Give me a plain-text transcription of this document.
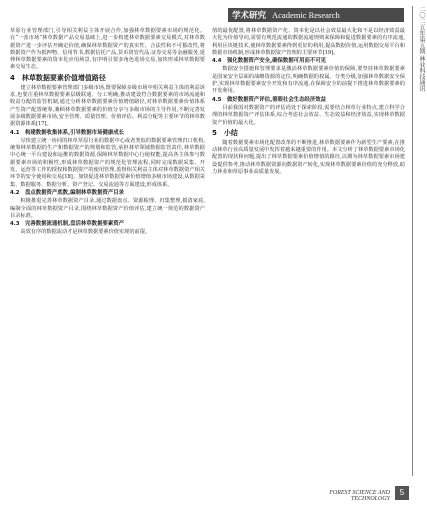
学术研究 Academic Research	二〇二五年第五期 林业科技通讯

草原行业管理部门,引导相关利益主体开展合作,加强林草数据要素市场的规范化。在“一张市场”林草数据产品交易基础上,进一步构建林草数据要素交易模式,对林草数据资产进一步评估开确定价值,确保林草数据资产的真实性、合法性和不可篡改性,将数据资产作为抵押物、信用背书,数据信托产品,货币资管代品,证券交易等金融服务,延伸林草数据要素的资本化应用场景,有序明引要多角色进场交易,加快形成林草数据要素交易生态。

4　林草数据要素价值增值路径

建立林草数据要素管理部门多级市场,既要保障多级市场中相关利益主体的利益诉求,也要注重林草数据要素层级联通、分工明确,推动建设符合数据要素的市场流通和收益分配的监管机制,通过分析林草数据要素价值增值路径,对林草数据要素价值体系产生资产配置统筹,兼顾林草数据要素的价值分享与多级市场的主导作用,不断完善发展多级数据要素市场,安全管理、质量管理、价值评估、利益分配等主要环节的林草数据资源体系[17]。

4.1　构建数据收集体系,引导数据市场健康成长

尽快建立统一协同的林草草原行业的数据中心或者类似的数据要素管理归口机构,统筹林草数据的生产和数据资产的规划和监管,承担林草领域数据监管责任,林草数据中心统一平台建设和运维的数据资源,保障林草数据中心行使权能,提高各主体参与数据要素市场的积极性,形成林草数据资产的规范化管理流程,同时完成数据采集、开发、运营等工作的授权和数据资产的使用管理,监督相关利益主体对林草数据资产相关环节的安全使用和交易[18]。加快促进林草数据要素价值增值多级市场建设,从数据采集、数据服务、数据分析、资产登记、交易流通等方面建设,形成体系。

4.2　盘点数据资产底数,编制林草数据资产目录

积极推进完善林草数据资产目录,通过数据盘点、资源梳理、归集整理,摸清家底,编制全面的林草数据资产目录,围绕林草数据资产价值评估,建立统一规范的数据资产目录标准。

4.3　完善数据流通机制,盘活林草数据要素资产

高效有序的数据流动才是林草数据要素价值实现的前提。

值的最优配置,将林草数据资产化、资本化是以社会效益最大化和不是以经济效益最大化为价值导向,需要有规范流通的数据流通规则来保障和促进数据要素的有序流通,利用区块链技术,使林草数据要素得到更好的利用,提高数据价值,运用数据交易平台和数据市场机制,形成林草数据资产管理的主要环节[19]。

4.4　强化数据资产安全,确保数据可用而不可见

数据安全措施和管理要求是激活林草数据要素价值的保障,要坚持林草数据要素是国家安全层面的战略资源的定位,明确数据的权属、分类分级,加强林草数据安全保护,实现林草数据要素安全开发和有序流通,在保障安全的前提下推进林草数据要素的开发利用。

4.5　做好数据资产评估,着眼社会生态经济效益

目前我国对数据资产的评估尚处于探索阶段,需要结合林草行业特点,建立科学合理的林草数据资产评估体系,综合考虑社会效益、生态效益和经济效益,实现林草数据资产价值的最大化。

5　小结

随着数据要素市场化配置改革的不断推进,林草数据要素作为新型生产要素,在推动林草行业高质量发展中发挥着越来越重要的作用。本文分析了林草数据要素市场化配置的现状和问题,提出了林草数据要素价值增值的路径,以期为林草数据要素市场建设提供参考,推动林草数据资源向数据资产转化,实现林草数据要素价值的充分释放,助力林业和草原事业高质量发展。

FOREST SCIENCE AND TECHNOLOGY
5
